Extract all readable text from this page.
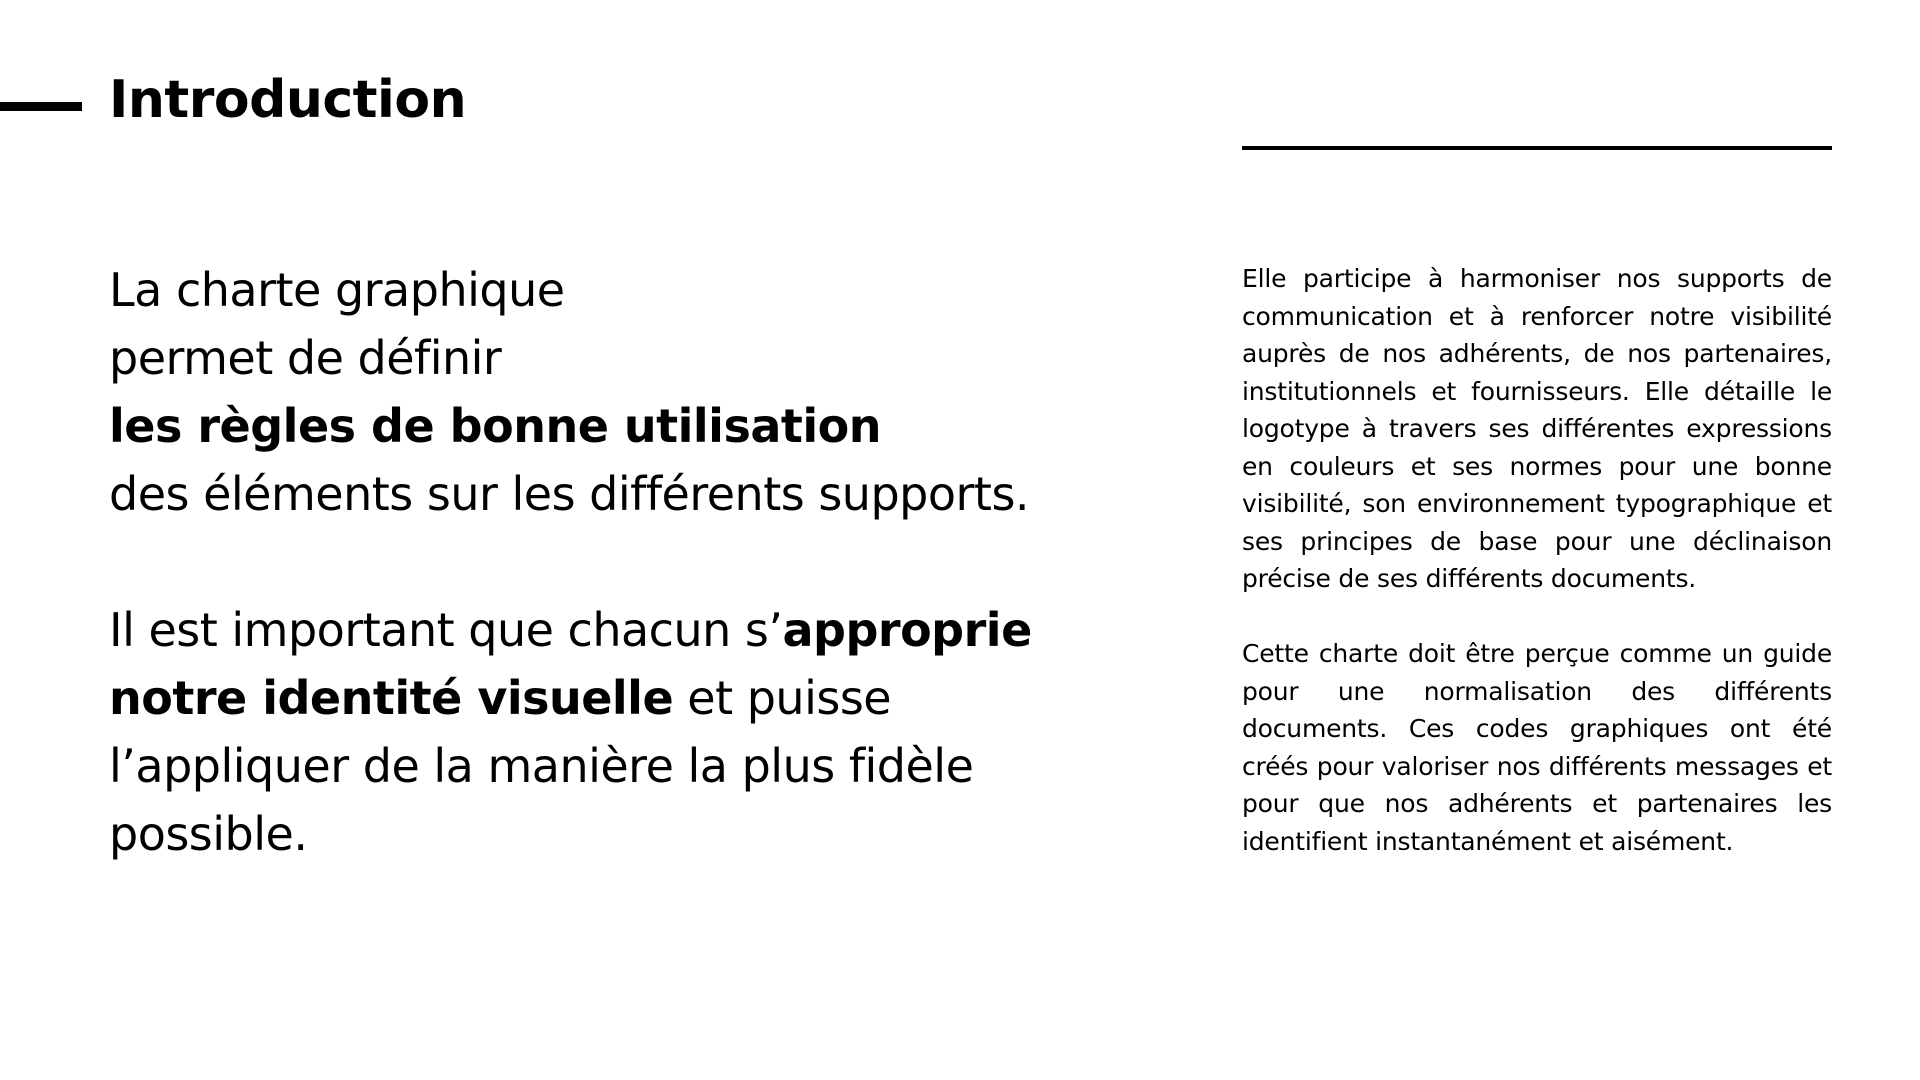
Introduction
La charte graphique
permet de définir
les règles de bonne utilisation
des éléments sur les différents supports.
Il est important que chacun s’approprie
notre identité visuelle et puisse
l’appliquer de la manière la plus fidèle
possible.

Elle participe à harmoniser nos supports de communication et à renforcer notre visibilité auprès de nos adhérents, de nos partenaires, institutionnels et fournisseurs. Elle détaille le logotype à travers ses différentes expressions en couleurs et ses normes pour une bonne visibilité, son environnement typographique et ses principes de base pour une déclinaison précise de ses différents documents.

Cette charte doit être perçue comme un guide pour une normalisation des différents documents. Ces codes graphiques ont été créés pour valoriser nos différents messages et pour que nos adhérents et partenaires les identifient instantanément et aisément.
